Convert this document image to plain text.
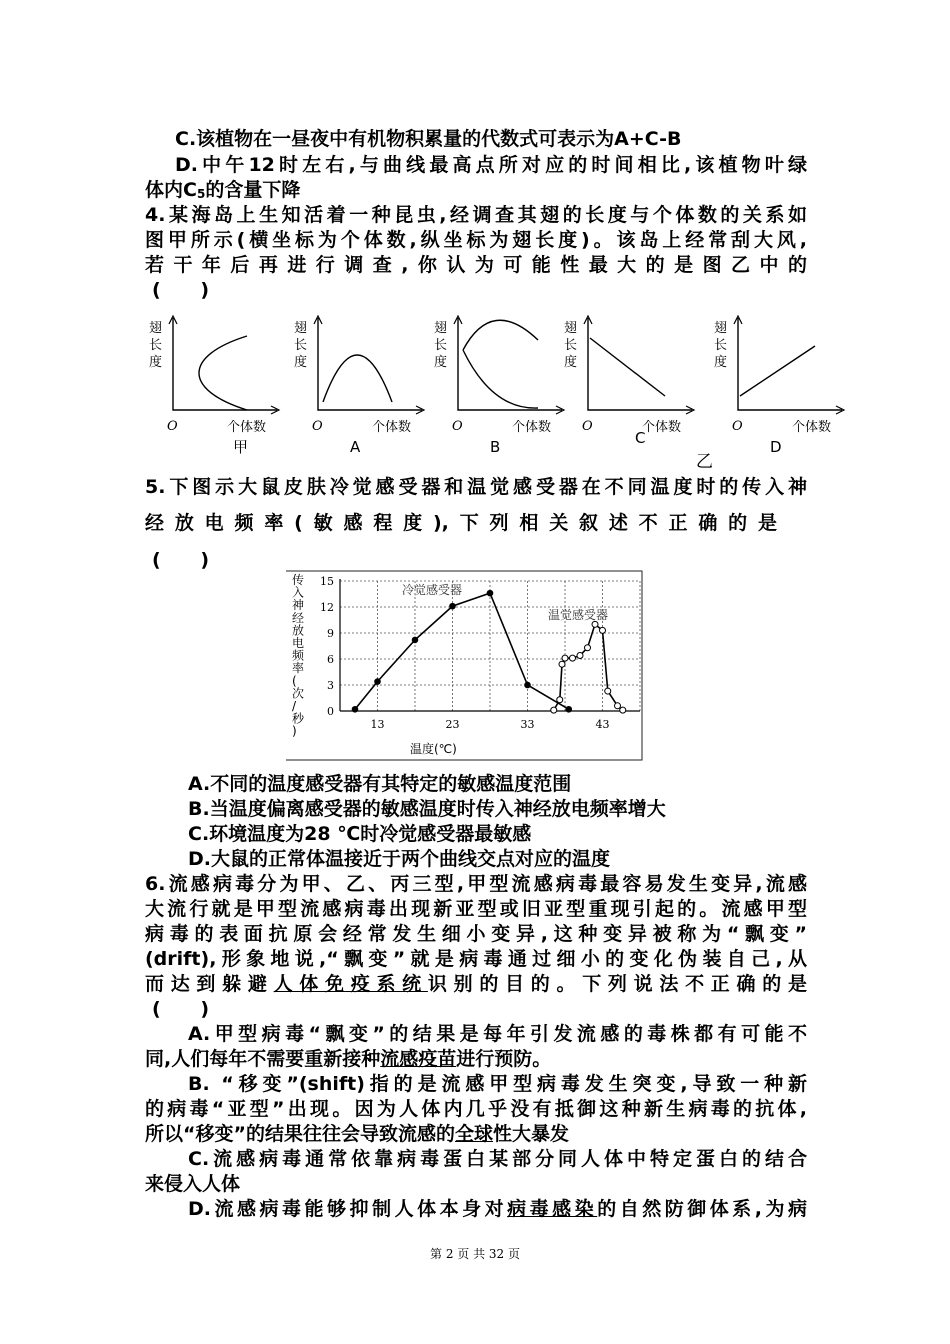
C.该植物在一昼夜中有机物积累量的代数式可表示为A+C-B
D.中午12时左右,与曲线最高点所对应的时间相比,该植物叶绿
体内$C_5$的含量下降
4.某海岛上生知活着一种昆虫,经调查其翅的长度与个体数的关系如
图甲所示(横坐标为个体数,纵坐标为翅长度)。该岛上经常刮大风,
若干年后再进行调查,你认为可能性最大的是图乙中的
(      )
翅长度
O	个体数
甲
翅长度
O	个体数
A
翅长度
O	个体数
B
翅长度
O	个体数
C
翅长度
O	个体数
D
乙
5.下图示大鼠皮肤冷觉感受器和温觉感受器在不同温度时的传入神
经放电频率(敏感程度),下列相关叙述不正确的是
(      )
0
3
6
9
12
15
13	23	33	43
温度(℃)
传入神经放电频率(次/秒)
冷觉感受器
温觉感受器
A.不同的温度感受器有其特定的敏感温度范围
B.当温度偏离感受器的敏感温度时传入神经放电频率增大
C.环境温度为28 ℃时冷觉感受器最敏感
D.大鼠的正常体温接近于两个曲线交点对应的温度
6.流感病毒分为甲、乙、丙三型,甲型流感病毒最容易发生变异,流感
大流行就是甲型流感病毒出现新亚型或旧亚型重现引起的。流感甲型
病毒的表面抗原会经常发生细小变异,这种变异被称为“飘变”
(drift),形象地说,“飘变”就是病毒通过细小的变化伪装自己,从
而达到躲避人体免疫系统识别的目的。下列说法不正确的是
(      )
A.甲型病毒“飘变”的结果是每年引发流感的毒株都有可能不
同,人们每年不需要重新接种流感疫苗进行预防。
B. “移变”(shift)指的是流感甲型病毒发生突变,导致一种新
的病毒“亚型”出现。因为人体内几乎没有抵御这种新生病毒的抗体,
所以“移变”的结果往往会导致流感的全球性大暴发
C.流感病毒通常依靠病毒蛋白某部分同人体中特定蛋白的结合
来侵入人体
D.流感病毒能够抑制人体本身对病毒感染的自然防御体系,为病
第 2 页 共 32 页
